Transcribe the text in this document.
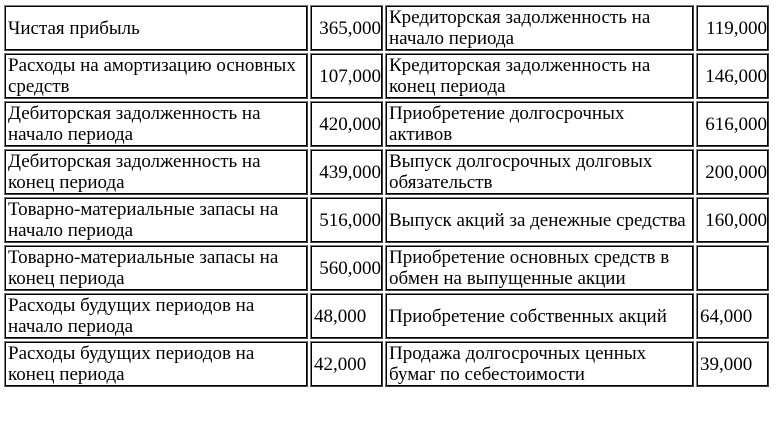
Чистая прибыль	365,000	Кредиторская задолженность на начало периода	119,000
Расходы на амортизацию основных средств	107,000	Кредиторская задолженность на конец периода	146,000
Дебиторская задолженность на начало периода	420,000	Приобретение долгосрочных активов	616,000
Дебиторская задолженность на конец периода	439,000	Выпуск долгосрочных долговых обязательств	200,000
Товарно-материальные запасы на начало периода	516,000	Выпуск акций за денежные средства	160,000
Товарно-материальные запасы на конец периода	560,000	Приобретение основных средств в обмен на выпущенные акции	
Расходы будущих периодов на начало периода	48,000	Приобретение собственных акций	64,000
Расходы будущих периодов на конец периода	42,000	Продажа долгосрочных ценных бумаг по себестоимости	39,000
